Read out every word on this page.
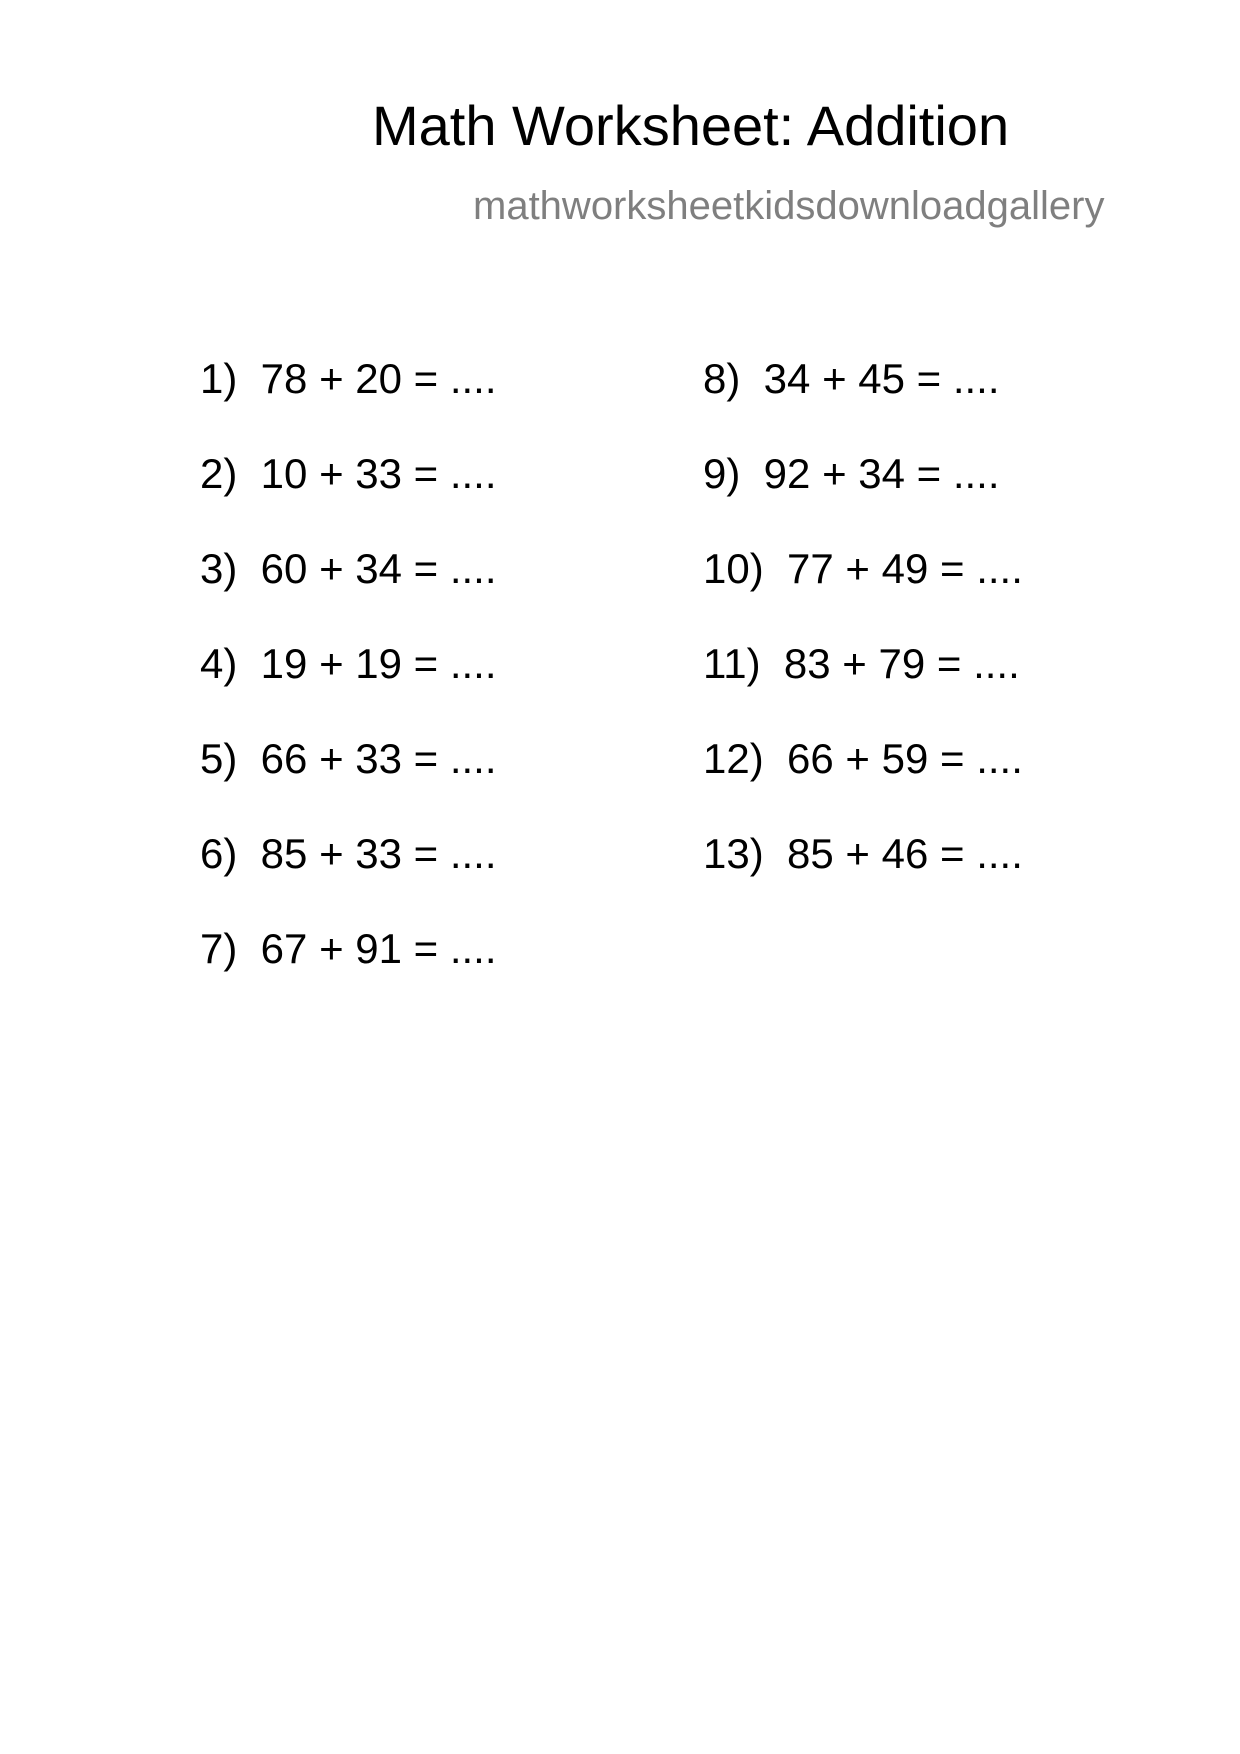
Math Worksheet: Addition
mathworksheetkidsdownloadgallery
1)  78 + 20 = ....
2)  10 + 33 = ....
3)  60 + 34 = ....
4)  19 + 19 = ....
5)  66 + 33 = ....
6)  85 + 33 = ....
7)  67 + 91 = ....
8)  34 + 45 = ....
9)  92 + 34 = ....
10)  77 + 49 = ....
11)  83 + 79 = ....
12)  66 + 59 = ....
13)  85 + 46 = ....
